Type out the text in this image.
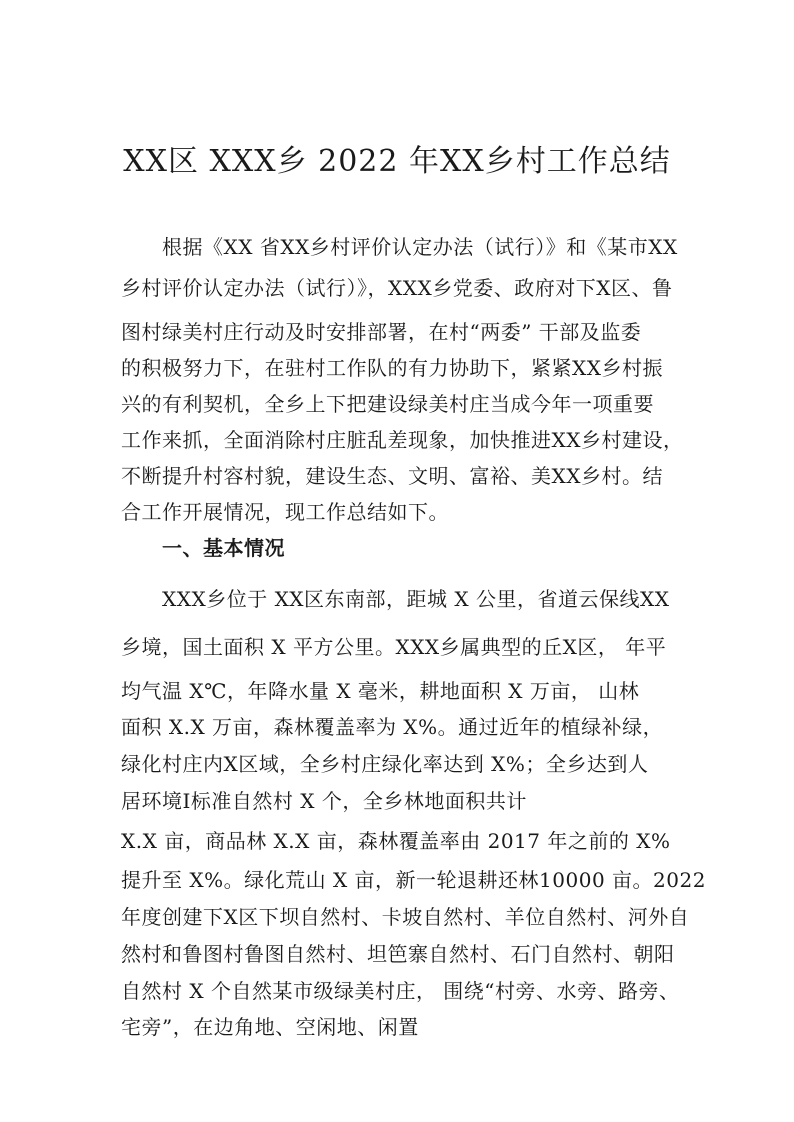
XX区 XXX乡 2022 年XX乡村工作总结
　　根据《XX 省XX乡村评价认定办法（试行）》和《某市XX
乡村评价认定办法（试行）》，XXX乡党委、政府对下X区、鲁
图村绿美村庄行动及时安排部署，在村“两委” 干部及监委
的积极努力下，在驻村工作队的有力协助下，紧紧XX乡村振
兴的有利契机，全乡上下把建设绿美村庄当成今年一项重要
工作来抓，全面消除村庄脏乱差现象，加快推进XX乡村建设，
不断提升村容村貌，建设生态、文明、富裕、美XX乡村。结
合工作开展情况，现工作总结如下。
　　一、基本情况
　　XXX乡位于 XX区东南部，距城 X 公里，省道云保线XX
乡境，国土面积 X 平方公里。XXX乡属典型的丘X区， 年平
均气温 X℃，年降水量 X 毫米，耕地面积 X 万亩， 山林
面积 X.X 万亩，森林覆盖率为 X%。通过近年的植绿补绿，
绿化村庄内X区域，全乡村庄绿化率达到 X%；全乡达到人
居环境Ⅰ标准自然村 X 个，全乡林地面积共计
X.X 亩，商品林 X.X 亩，森林覆盖率由 2017 年之前的 X%
提升至 X%。绿化荒山 X 亩，新一轮退耕还林10000 亩。2022
年度创建下X区下坝自然村、卡坡自然村、羊位自然村、河外自
然村和鲁图村鲁图自然村、坦笆寨自然村、石门自然村、朝阳
自然村 X 个自然某市级绿美村庄， 围绕“村旁、水旁、路旁、
宅旁”，在边角地、空闲地、闲置
